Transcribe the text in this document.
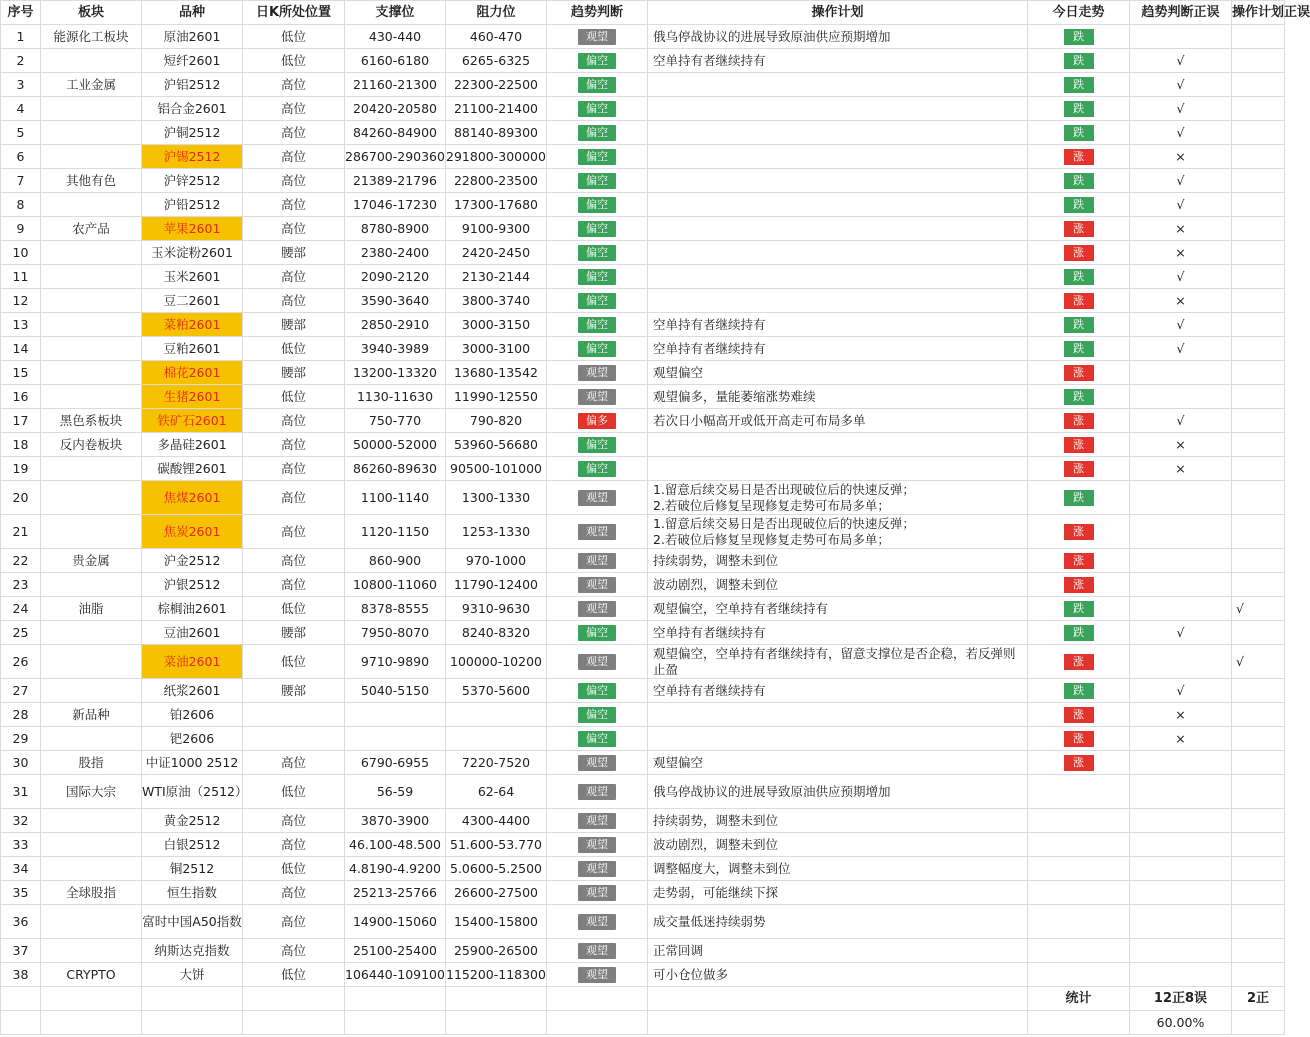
序号	板块	品种	日K所处位置	支撑位	阻力位	趋势判断	操作计划	今日走势	趋势判断正误	操作计划正误
1	能源化工板块	原油2601	低位	430-440	460-470	观望	俄乌停战协议的进展导致原油供应预期增加	跌		
2		短纤2601	低位	6160-6180	6265-6325	偏空	空单持有者继续持有	跌	√	
3	工业金属	沪铝2512	高位	21160-21300	22300-22500	偏空		跌	√	
4		铝合金2601	高位	20420-20580	21100-21400	偏空		跌	√	
5		沪铜2512	高位	84260-84900	88140-89300	偏空		跌	√	
6		沪锡2512	高位	286700-290360	291800-300000	偏空		涨	×	
7	其他有色	沪锌2512	高位	21389-21796	22800-23500	偏空		跌	√	
8		沪铅2512	高位	17046-17230	17300-17680	偏空		跌	√	
9	农产品	苹果2601	高位	8780-8900	9100-9300	偏空		涨	×	
10		玉米淀粉2601	腰部	2380-2400	2420-2450	偏空		涨	×	
11		玉米2601	高位	2090-2120	2130-2144	偏空		跌	√	
12		豆二2601	高位	3590-3640	3800-3740	偏空		涨	×	
13		菜粕2601	腰部	2850-2910	3000-3150	偏空	空单持有者继续持有	跌	√	
14		豆粕2601	低位	3940-3989	3000-3100	偏空	空单持有者继续持有	跌	√	
15		棉花2601	腰部	13200-13320	13680-13542	观望	观望偏空	涨		
16		生猪2601	低位	1130-11630	11990-12550	观望	观望偏多，量能萎缩涨势难续	跌		
17	黑色系板块	铁矿石2601	高位	750-770	790-820	偏多	若次日小幅高开或低开高走可布局多单	涨	√	
18	反内卷板块	多晶硅2601	高位	50000-52000	53960-56680	偏空		涨	×	
19		碳酸锂2601	高位	86260-89630	90500-101000	偏空		涨	×	
20		焦煤2601	高位	1100-1140	1300-1330	观望	1.留意后续交易日是否出现破位后的快速反弹；
2.若破位后修复呈现修复走势可布局多单；	跌		
21		焦炭2601	高位	1120-1150	1253-1330	观望	1.留意后续交易日是否出现破位后的快速反弹；
2.若破位后修复呈现修复走势可布局多单；	涨		
22	贵金属	沪金2512	高位	860-900	970-1000	观望	持续弱势，调整未到位	涨		
23		沪银2512	高位	10800-11060	11790-12400	观望	波动剧烈，调整未到位	涨		
24	油脂	棕榈油2601	低位	8378-8555	9310-9630	观望	观望偏空，空单持有者继续持有	跌		√
25		豆油2601	腰部	7950-8070	8240-8320	偏空	空单持有者继续持有	跌	√	
26		菜油2601	低位	9710-9890	100000-10200	观望	观望偏空，空单持有者继续持有，留意支撑位是否企稳，若反弹则止盈	涨		√
27		纸浆2601	腰部	5040-5150	5370-5600	偏空	空单持有者继续持有	跌	√	
28	新品种	铂2606				偏空		涨	×	
29		钯2606				偏空		涨	×	
30	股指	中证1000 2512	高位	6790-6955	7220-7520	观望	观望偏空	涨		
31	国际大宗	WTI原油（2512）	低位	56-59	62-64	观望	俄乌停战协议的进展导致原油供应预期增加			
32		黄金2512	高位	3870-3900	4300-4400	观望	持续弱势，调整未到位			
33		白银2512	高位	46.100-48.500	51.600-53.770	观望	波动剧烈，调整未到位			
34		铜2512	低位	4.8190-4.9200	5.0600-5.2500	观望	调整幅度大，调整未到位			
35	全球股指	恒生指数	高位	25213-25766	26600-27500	观望	走势弱，可能继续下探			
36		富时中国A50指数	高位	14900-15060	15400-15800	观望	成交量低迷持续弱势			
37		纳斯达克指数	高位	25100-25400	25900-26500	观望	正常回调			
38	CRYPTO	大饼	低位	106440-109100	115200-118300	观望	可小仓位做多			
								统计	12正8误	2正
									60.00%	
